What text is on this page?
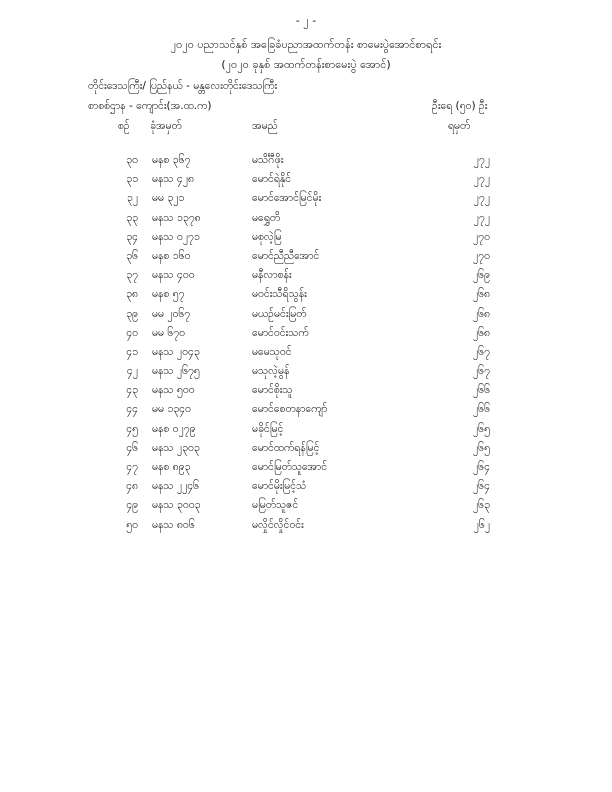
- ၂ -
၂၀၂၀ ပညာသင်နှစ် အခြေခံပညာအထက်တန်း စာမေးပွဲအောင်စာရင်း
(၂၀၂၀ ခုနှစ် အထက်တန်းစာမေးပွဲ အောင်)
တိုင်းဒေသကြီး/ ပြည်နယ် - မန္တလေးတိုင်းဒေသကြီး
စာစစ်ဌာန - ကျောင်း(အ.ထ.က)	ဦးရေ (၅၀) ဦး
စဉ် ခုံအမှတ်	အမည်	ရမှတ်
၃၀ မနစ ၃၆၇	မသိင်္ဂီဖိုး	၂၇၂
၃၁ မနသ ၄၂၈	မောင်ရဲနိုင်	၂၇၂
၃၂ မမ ၃၂၁	မောင်အောင်မြင်မိုး	၂၇၂
၃၃ မနသ ၁၃၇၈	မရွှေတိ	၂၇၂
၃၄ မနသ ၀၂၇၁	မစုလဲ့မြ	၂၇၀
၃၆ မနစ ၁၆၀	မောင်ညီညီအောင်	၂၇၀
၃၇ မနသ ၄၀၀	မနီလာစန်း	၂၆၉
၃၈ မနစ ၅၇	မဝင်းသီရိသွန်း	၂၆၈
၃၉ မမ ၂၀၆၇	မယဉ်မင်းမြတ်	၂၆၈
၄၀ မမ ၆၇၀	မောင်ဝင်းသက်	၂၆၈
၄၁ မနသ ၂၀၄၃	မမေသုဝင်	၂၆၇
၄၂ မနသ ၂၆၇၅	မသုလဲ့မွန်	၂၆၇
၄၃ မနသ ၅၀၀	မောင်စိုးသူ	၂၆၆
၄၄ မမ ၁၃၄၀	မောင်စေတနာကျော်	၂၆၆
၄၅ မနစ ၀၂၇၉	မခိုင်မြင့်	၂၆၅
၄၆ မနသ ၂၃၀၃	မောင်ထက်ရန်မြင့်	၂၆၅
၄၇ မနစ ၈၉၃	မောင်မြတ်သူအောင်	၂၆၄
၄၈ မနသ ၂၂၄၆	မောင်မိုးမြင့်သံ	၂၆၄
၄၉ မနသ ၃၀၀၃	မမြတ်သူဇင်	၂၆၃
၅၀ မနသ ၈၀၆	မလှိုင်လှိုင်ဝင်း	၂၆၂
